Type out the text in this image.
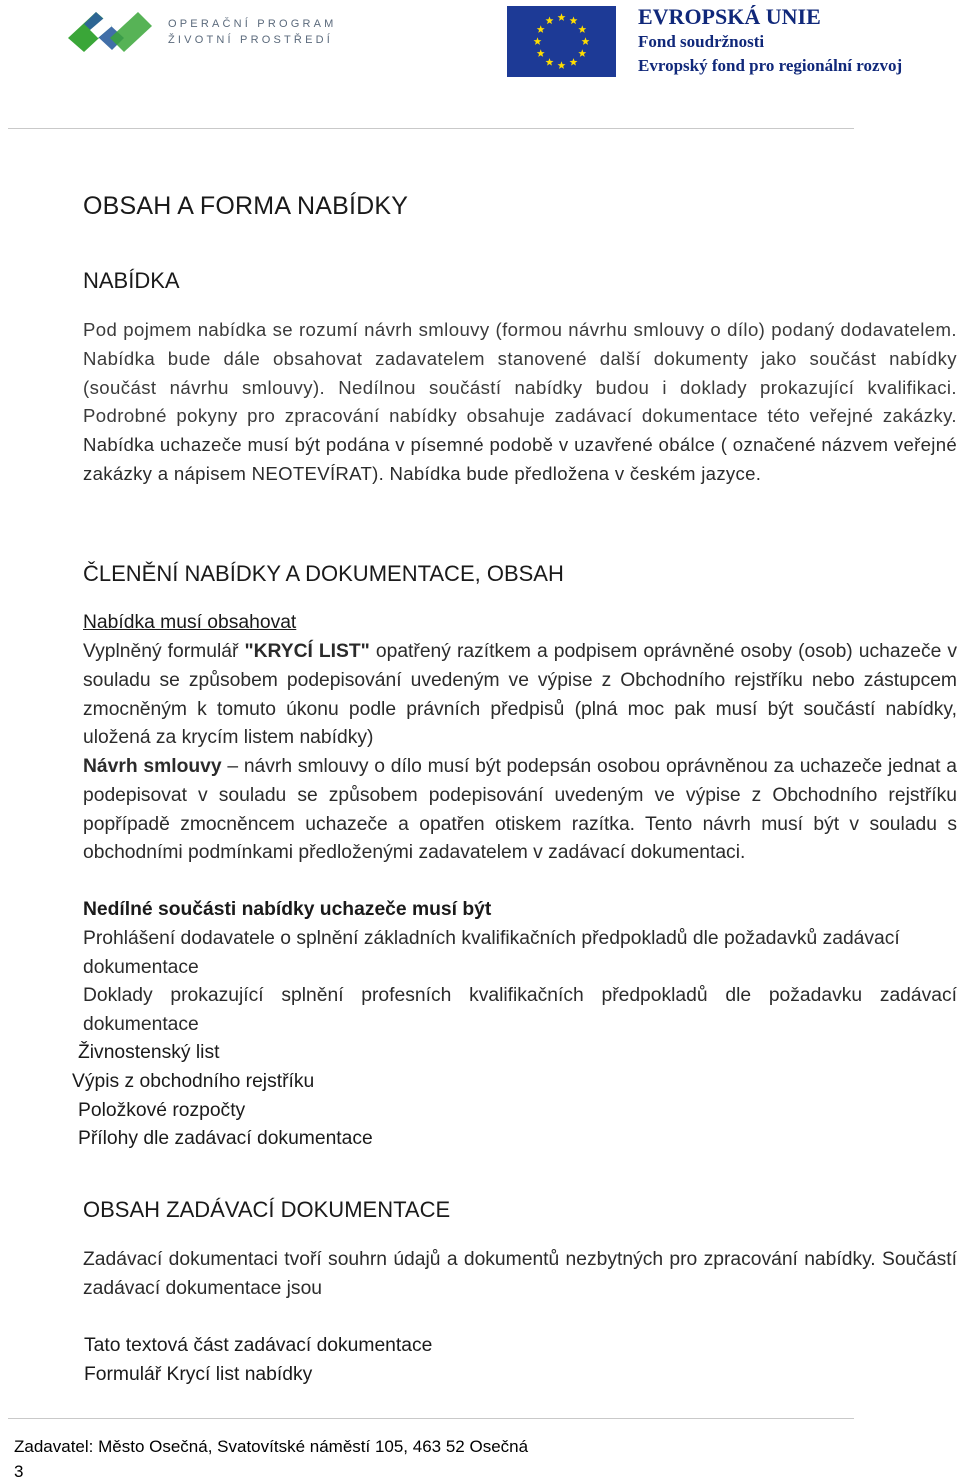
OPERAČNÍ PROGRAM
ŽIVOTNÍ PROSTŘEDÍ
EVROPSKÁ UNIE
Fond soudržnosti
Evropský fond pro regionální rozvoj
OBSAH A FORMA NABÍDKY
NABÍDKA

Pod pojmem nabídka se rozumí návrh smlouvy (formou návrhu smlouvy o dílo) podaný dodavatelem. Nabídka bude dále obsahovat zadavatelem stanovené další dokumenty jako součást nabídky (součást návrhu smlouvy). Nedílnou součástí nabídky budou i doklady prokazující kvalifikaci. Podrobné pokyny pro zpracování nabídky obsahuje zadávací dokumentace této veřejné zakázky. Nabídka uchazeče musí být podána v písemné podobě v uzavřené obálce ( označené názvem veřejné zakázky a nápisem NEOTEVÍRAT). Nabídka bude předložena v českém jazyce.

ČLENĚNÍ NABÍDKY A DOKUMENTACE, OBSAH
Nabídka musí obsahovat

Vyplněný formulář "KRYCÍ LIST" opatřený razítkem a podpisem oprávněné osoby (osob) uchazeče v souladu se způsobem podepisování uvedeným ve výpise z Obchodního rejstříku nebo zástupcem zmocněným k tomuto úkonu podle právních předpisů (plná moc pak musí být součástí nabídky, uložená za krycím listem nabídky)

Návrh smlouvy – návrh smlouvy o dílo musí být podepsán osobou oprávněnou za uchazeče jednat a podepisovat v souladu se způsobem podepisování uvedeným ve výpise z Obchodního rejstříku popřípadě zmocněncem uchazeče a opatřen otiskem razítka. Tento návrh musí být v souladu s obchodními podmínkami předloženými zadavatelem v zadávací dokumentaci.

Nedílné součásti nabídky uchazeče musí být

Prohlášení dodavatele o splnění základních kvalifikačních předpokladů dle požadavků zadávací dokumentace

Doklady prokazující splnění profesních kvalifikačních předpokladů dle požadavku zadávací dokumentace

Živnostenský list
Výpis z obchodního rejstříku
Položkové rozpočty
Přílohy dle zadávací dokumentace
OBSAH ZADÁVACÍ DOKUMENTACE

Zadávací dokumentaci tvoří souhrn údajů a dokumentů nezbytných pro zpracování nabídky. Součástí zadávací dokumentace jsou

Tato textová část zadávací dokumentace
Formulář Krycí list nabídky
Zadavatel: Město Osečná, Svatovítské náměstí 105, 463 52 Osečná
3
